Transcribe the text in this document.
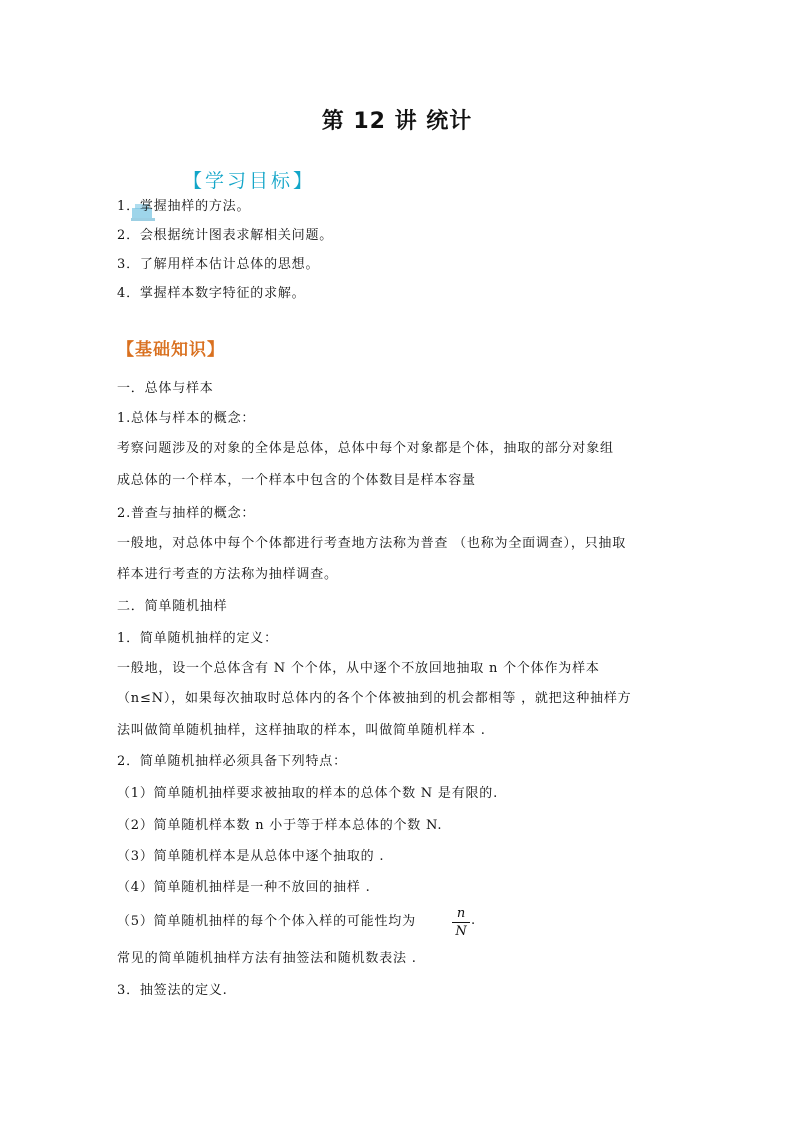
第 12 讲 统计
【学习目标】
1．掌握抽样的方法。
2．会根据统计图表求解相关问题。
3．了解用样本估计总体的思想。
4．掌握样本数字特征的求解。
【基础知识】
一．总体与样本
1.总体与样本的概念：
考察问题涉及的对象的全体是总体，总体中每个对象都是个体，抽取的部分对象组
成总体的一个样本，一个样本中包含的个体数目是样本容量
2.普查与抽样的概念：
一般地，对总体中每个个体都进行考查地方法称为普查 （也称为全面调查），只抽取
样本进行考查的方法称为抽样调查。
二．简单随机抽样
1．简单随机抽样的定义：
一般地，设一个总体含有 N 个个体，从中逐个不放回地抽取 n 个个体作为样本
（n≤N），如果每次抽取时总体内的各个个体被抽到的机会都相等 ，就把这种抽样方
法叫做简单随机抽样，这样抽取的样本，叫做简单随机样本 .
2．简单随机抽样必须具备下列特点：
（1）简单随机抽样要求被抽取的样本的总体个数 N 是有限的.
（2）简单随机样本数 n 小于等于样本总体的个数 N.
（3）简单随机样本是从总体中逐个抽取的 .
（4）简单随机抽样是一种不放回的抽样 .
（5）简单随机抽样的每个个体入样的可能性均为
n
N
.
常见的简单随机抽样方法有抽签法和随机数表法 .
3．抽签法的定义.
